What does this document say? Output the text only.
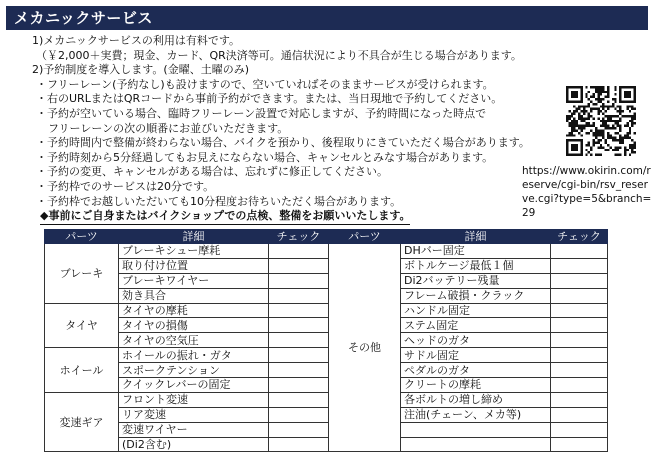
メカニックサービス
1)メカニックサービスの利用は有料です。
（￥2,000＋実費；現金、カード、QR決済等可。通信状況により不具合が生じる場合があります。
2)予約制度を導入します。(金曜、土曜のみ)
・フリーレーン(予約なし)も設けますので、空いていればそのままサービスが受けられます。
・右のURLまたはQRコードから事前予約ができます。または、当日現地で予約してください。
・予約が空いている場合、臨時フリーレーン設置で対応しますが、予約時間になった時点で
フリーレーンの次の順番にお並びいただきます。
・予約時間内で整備が終わらない場合、バイクを預かり、後程取りにきていただく場合があります。
・予約時刻から5分経過してもお見えにならない場合、キャンセルとみなす場合があります。
・予約の変更、キャンセルがある場合は、忘れずに修正してください。
・予約枠でのサービスは20分です。
・予約枠でお越しいただいても10分程度お待ちいただく場合があります。
https://www.okirin.com/reserve/cgi-bin/rsv_reserve.cgi?type=5&branch=29
◆事前にご自身またはバイクショップでの点検、整備をお願いいたします。
パーツ	詳細	チェック	パーツ	詳細	チェック
ブレーキ	ブレーキシュー摩耗		その他	DHバー固定	
	取り付け位置			ボトルケージ最低１個	
	ブレーキワイヤー			Di2バッテリー残量	
	効き具合			フレーム破損・クラック	
タイヤ	タイヤの摩耗			ハンドル固定	
	タイヤの損傷			ステム固定	
	タイヤの空気圧			ヘッドのガタ	
ホイール	ホイールの振れ・ガタ			サドル固定	
	スポークテンション			ペダルのガタ	
	クイックレバーの固定			クリートの摩耗	
変速ギア	フロント変速			各ボルトの増し締め	
	リア変速			注油(チェーン、メカ等)	
	変速ワイヤー				
	(Di2含む)				
